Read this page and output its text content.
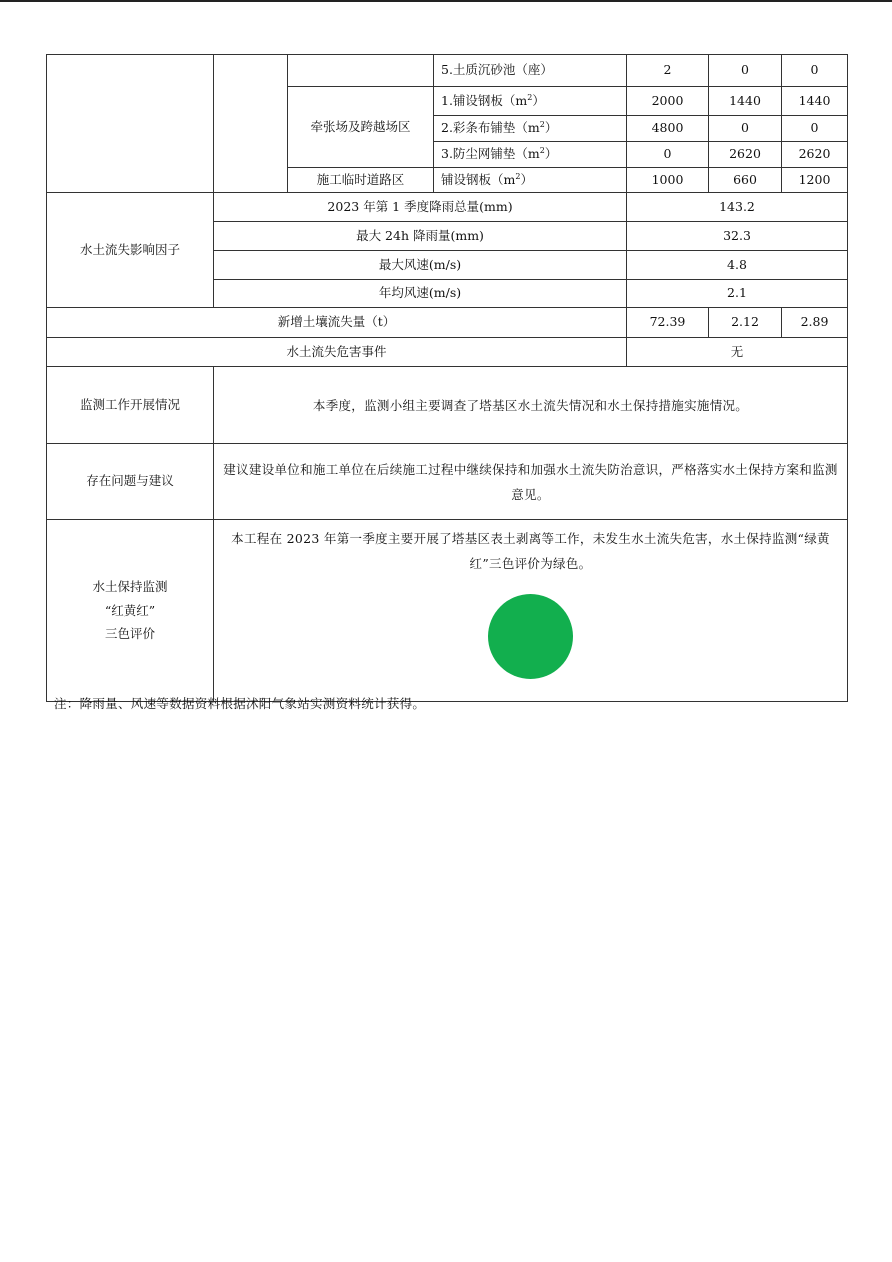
			5.土质沉砂池（座）	2	0	0
		牵张场及跨越场区	1.铺设钢板$(m^2)$	2000	1440	1440
			2.彩条布铺垫$(m^2)$	4800	0	0
			3.防尘网铺垫$(m^2)$	0	2620	2620
		施工临时道路区	铺设钢板$(m^2)$	1000	660	1200
水土流失影响因子	2023 年第 1 季度降雨总量(mm)			143.2		
	最大 24h 降雨量(mm)			32.3		
	最大风速(m/s)			4.8		
	年均风速(m/s)			2.1		
新增土壤流失量（t）				72.39	2.12	2.89
水土流失危害事件				无		
监测工作开展情况	本季度，监测小组主要调查了塔基区水土流失情况和水土保持措施实施情况。					
存在问题与建议	建议建设单位和施工单位在后续施工过程中继续保持和加强水土流失防治意识，严格落实水土保持方案和监测意见。					

水土保持监测
“红黄红”
三色评价	本工程在 2023 年第一季度主要开展了塔基区表土剥离等工作，未发生水土流失危害，水土保持监测“绿黄红”三色评价为绿色。					
注：降雨量、风速等数据资料根据沭阳气象站实测资料统计获得。
